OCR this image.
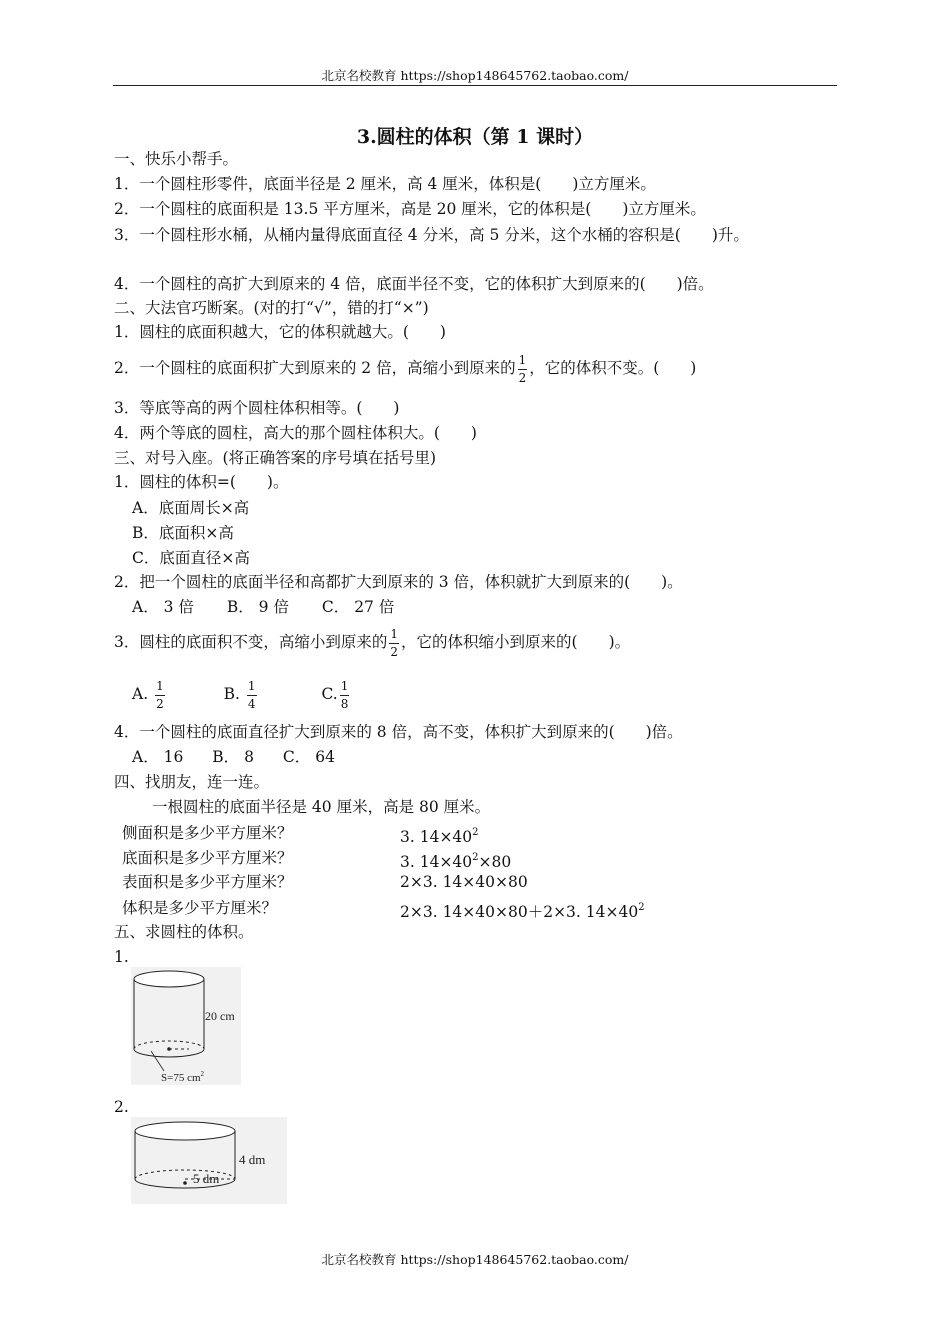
北京名校教育 https://shop148645762.taobao.com/
3.圆柱的体积（第 1 课时）
一、快乐小帮手。
1．一个圆柱形零件，底面半径是 2 厘米，高 4 厘米，体积是(　　)立方厘米。
2．一个圆柱的底面积是 13.5 平方厘米，高是 20 厘米，它的体积是(　　)立方厘米。
3．一个圆柱形水桶，从桶内量得底面直径 4 分米，高 5 分米，这个水桶的容积是(　　)升。
4．一个圆柱的高扩大到原来的 4 倍，底面半径不变，它的体积扩大到原来的(　　)倍。
二、大法官巧断案。(对的打“√”，错的打“×”)
1．圆柱的底面积越大，它的体积就越大。(　　)
2．一个圆柱的底面积扩大到原来的 2 倍，高缩小到原来的 $\frac{1}{2}$ ，它的体积不变。(　　)
3．等底等高的两个圆柱体积相等。(　　)
4．两个等底的圆柱，高大的那个圆柱体积大。(　　)
三、对号入座。(将正确答案的序号填在括号里)
1．圆柱的体积=(　　)。
A．底面周长×高
B．底面积×高
C．底面直径×高
2．把一个圆柱的底面半径和高都扩大到原来的 3 倍，体积就扩大到原来的(　　)。
A． 3 倍 B． 9 倍 C． 27 倍
3．圆柱的底面积不变，高缩小到原来的 $\frac{1}{2}$ ，它的体积缩小到原来的(　　)。
A. $\frac{1}{2}$	B. $\frac{1}{4}$	C. $\frac{1}{8}$
4．一个圆柱的底面直径扩大到原来的 8 倍，高不变，体积扩大到原来的(　　)倍。
A． 16 B． 8 C． 64
四、找朋友，连一连。
一根圆柱的底面半径是 40 厘米，高是 80 厘米。
侧面积是多少平方厘米？
底面积是多少平方厘米？
表面积是多少平方厘米？
体积是多少平方厘米？
3. $14\times 40^2$
3. $14\times 40^2\times 80$
2×3. 14×40×80
2×3. 14×40×80＋2×3. $14\times 40^2$
五、求圆柱的体积。
1.
20 cm
S=75 $cm^2$
2.
4 dm
5 dm
北京名校教育 https://shop148645762.taobao.com/
